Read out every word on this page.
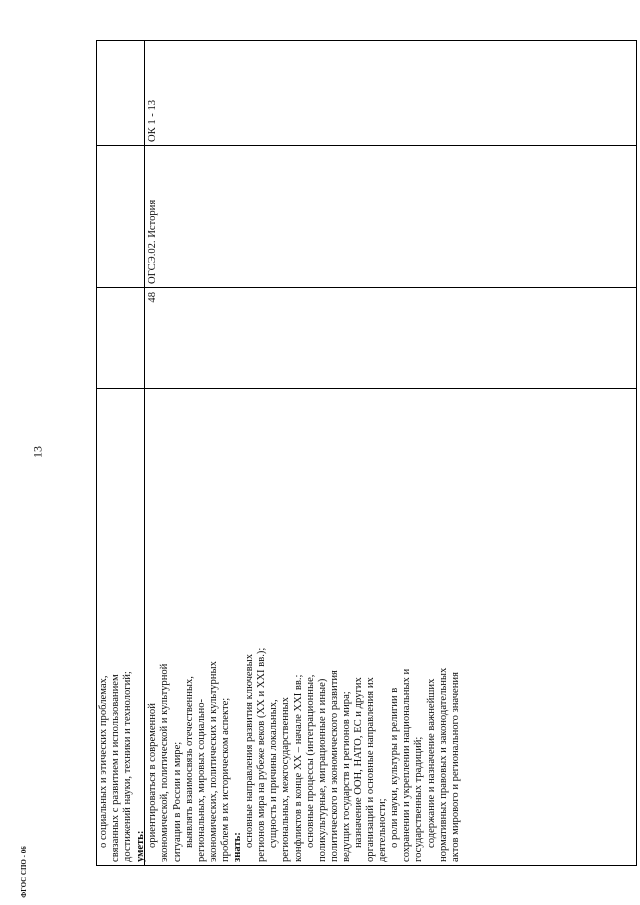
13
ФГОС СПО - 06

о социальных и этических проблемах, связанных с развитием и использованием достижений науки, техники и технологий; уметь: ориентироваться в современной экономической, политической и культурной ситуации в России и мире; выявлять взаимосвязь отечественных, региональных, мировых социально- экономических, политических и культурных проблем в их историческом аспекте; знать: основные направления развития ключевых регионов мира на рубеже веков (XX и XXI вв.); сущность и причины локальных, региональных, межгосударственных конфликтов в конце XX – начале XXI вв.; основные процессы (интеграционные, поликультурные, миграционные и иные) политического и экономического развития ведущих государств и регионов мира; назначение ООН, НАТО, ЕС и других организаций и основные направления их деятельности; о роли науки, культуры и религии в сохранении и укреплении национальных и государственных традиций; содержание и назначение важнейших нормативных правовых и законодательных актов мирового и регионального значения

48
ОГСЭ.02. История
ОК 1 - 13
